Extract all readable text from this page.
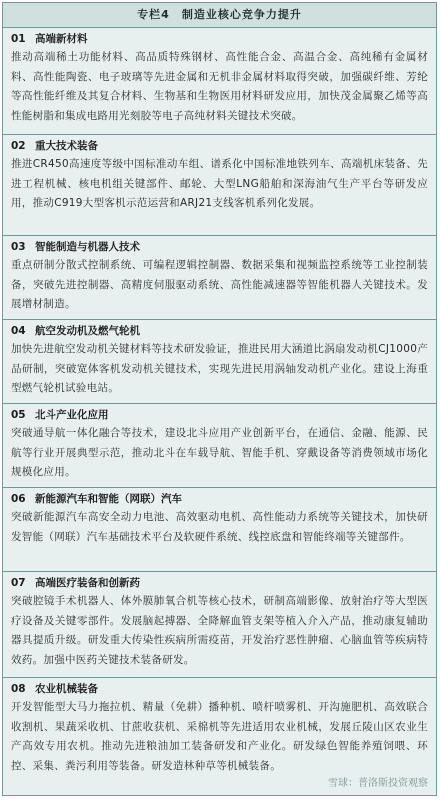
专栏4　制造业核心竞争力提升
01 高端新材料
推动高端稀土功能材料、高品质特殊钢材、高性能合金、高温合金、高纯稀有金属材料、高性能陶瓷、电子玻璃等先进金属和无机非金属材料取得突破，加强碳纤维、芳纶等高性能纤维及其复合材料、生物基和生物医用材料研发应用，加快茂金属聚乙烯等高性能树脂和集成电路用光刻胶等电子高纯材料关键技术突破。
02 重大技术装备
推进CR450高速度等级中国标准动车组、谱系化中国标准地铁列车、高端机床装备、先进工程机械、核电机组关键部件、邮轮、大型LNG船舶和深海油气生产平台等研发应用，推动C919大型客机示范运营和ARJ21支线客机系列化发展。
03 智能制造与机器人技术
重点研制分散式控制系统、可编程逻辑控制器、数据采集和视频监控系统等工业控制装备，突破先进控制器、高精度伺服驱动系统、高性能减速器等智能机器人关键技术。发展增材制造。
04 航空发动机及燃气轮机
加快先进航空发动机关键材料等技术研发验证，推进民用大涵道比涡扇发动机CJ1000产品研制，突破宽体客机发动机关键技术，实现先进民用涡轴发动机产业化。建设上海重型燃气轮机试验电站。
05 北斗产业化应用
突破通导航一体化融合等技术，建设北斗应用产业创新平台，在通信、金融、能源、民航等行业开展典型示范，推动北斗在车载导航、智能手机、穿戴设备等消费领域市场化规模化应用。
06 新能源汽车和智能（网联）汽车
突破新能源汽车高安全动力电池、高效驱动电机、高性能动力系统等关键技术，加快研发智能（网联）汽车基础技术平台及软硬件系统、线控底盘和智能终端等关键部件。
07 高端医疗装备和创新药
突破腔镜手术机器人、体外膜肺氧合机等核心技术，研制高端影像、放射治疗等大型医疗设备及关键零部件。发展脑起搏器、全降解血管支架等植入介入产品，推动康复辅助器具提质升级。研发重大传染性疾病所需疫苗，开发治疗恶性肿瘤、心脑血管等疾病特效药。加强中医药关键技术装备研发。
08 农业机械装备
开发智能型大马力拖拉机、精量（免耕）播种机、喷杆喷雾机、开沟施肥机、高效联合收割机、果蔬采收机、甘蔗收获机、采棉机等先进适用农业机械，发展丘陵山区农业生产高效专用农机。推动先进粮油加工装备研发和产业化。研发绿色智能养殖饲喂、环控、采集、粪污利用等装备。研发造林种草等机械装备。
雪球：普洛斯投资观察
